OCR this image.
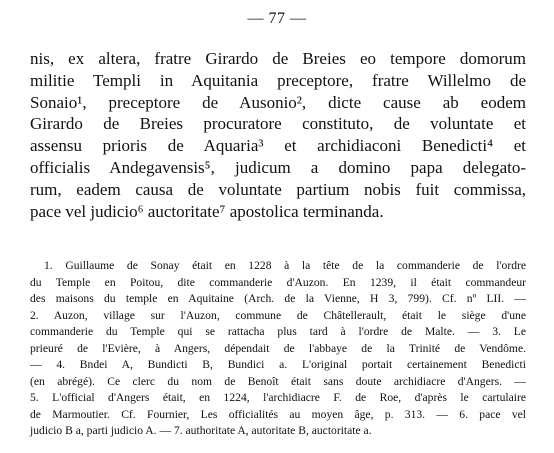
— 77 —
nis, ex altera, fratre Girardo de Breies eo tempore domorum
militie Templi in Aquitania preceptore, fratre Willelmo de
Sonaio¹, preceptore de Ausonio², dicte cause ab eodem
Girardo de Breies procuratore constituto, de voluntate et
assensu prioris de Aquaria³ et archidiaconi Benedicti⁴ et
officialis Andegavensis⁵, judicum a domino papa delegato-
rum, eadem causa de voluntate partium nobis fuit commissa,
pace vel judicio⁶ auctoritate⁷ apostolica terminanda.
1. Guillaume de Sonay était en 1228 à la tête de la commanderie de l'ordre
du Temple en Poitou, dite commanderie d'Auzon. En 1239, il était commandeur
des maisons du temple en Aquitaine (Arch. de la Vienne, H 3, 799). Cf. nº LII. —
2. Auzon, village sur l'Auzon, commune de Châtellerault, était le siège d'une
commanderie du Temple qui se rattacha plus tard à l'ordre de Malte. — 3. Le
prieuré de l'Evière, à Angers, dépendait de l'abbaye de la Trinité de Vendôme.
— 4. Bndei A, Bundicti B, Bundici a. L'original portait certainement Benedicti
(en abrégé). Ce clerc du nom de Benoît était sans doute archidiacre d'Angers. —
5. L'official d'Angers était, en 1224, l'archidiacre F. de Roe, d'après le cartulaire
de Marmoutier. Cf. Fournier, Les officialités au moyen âge, p. 313. — 6. pace vel
judicio B a, parti judicio A. — 7. authoritate A, autoritate B, auctoritate a.
